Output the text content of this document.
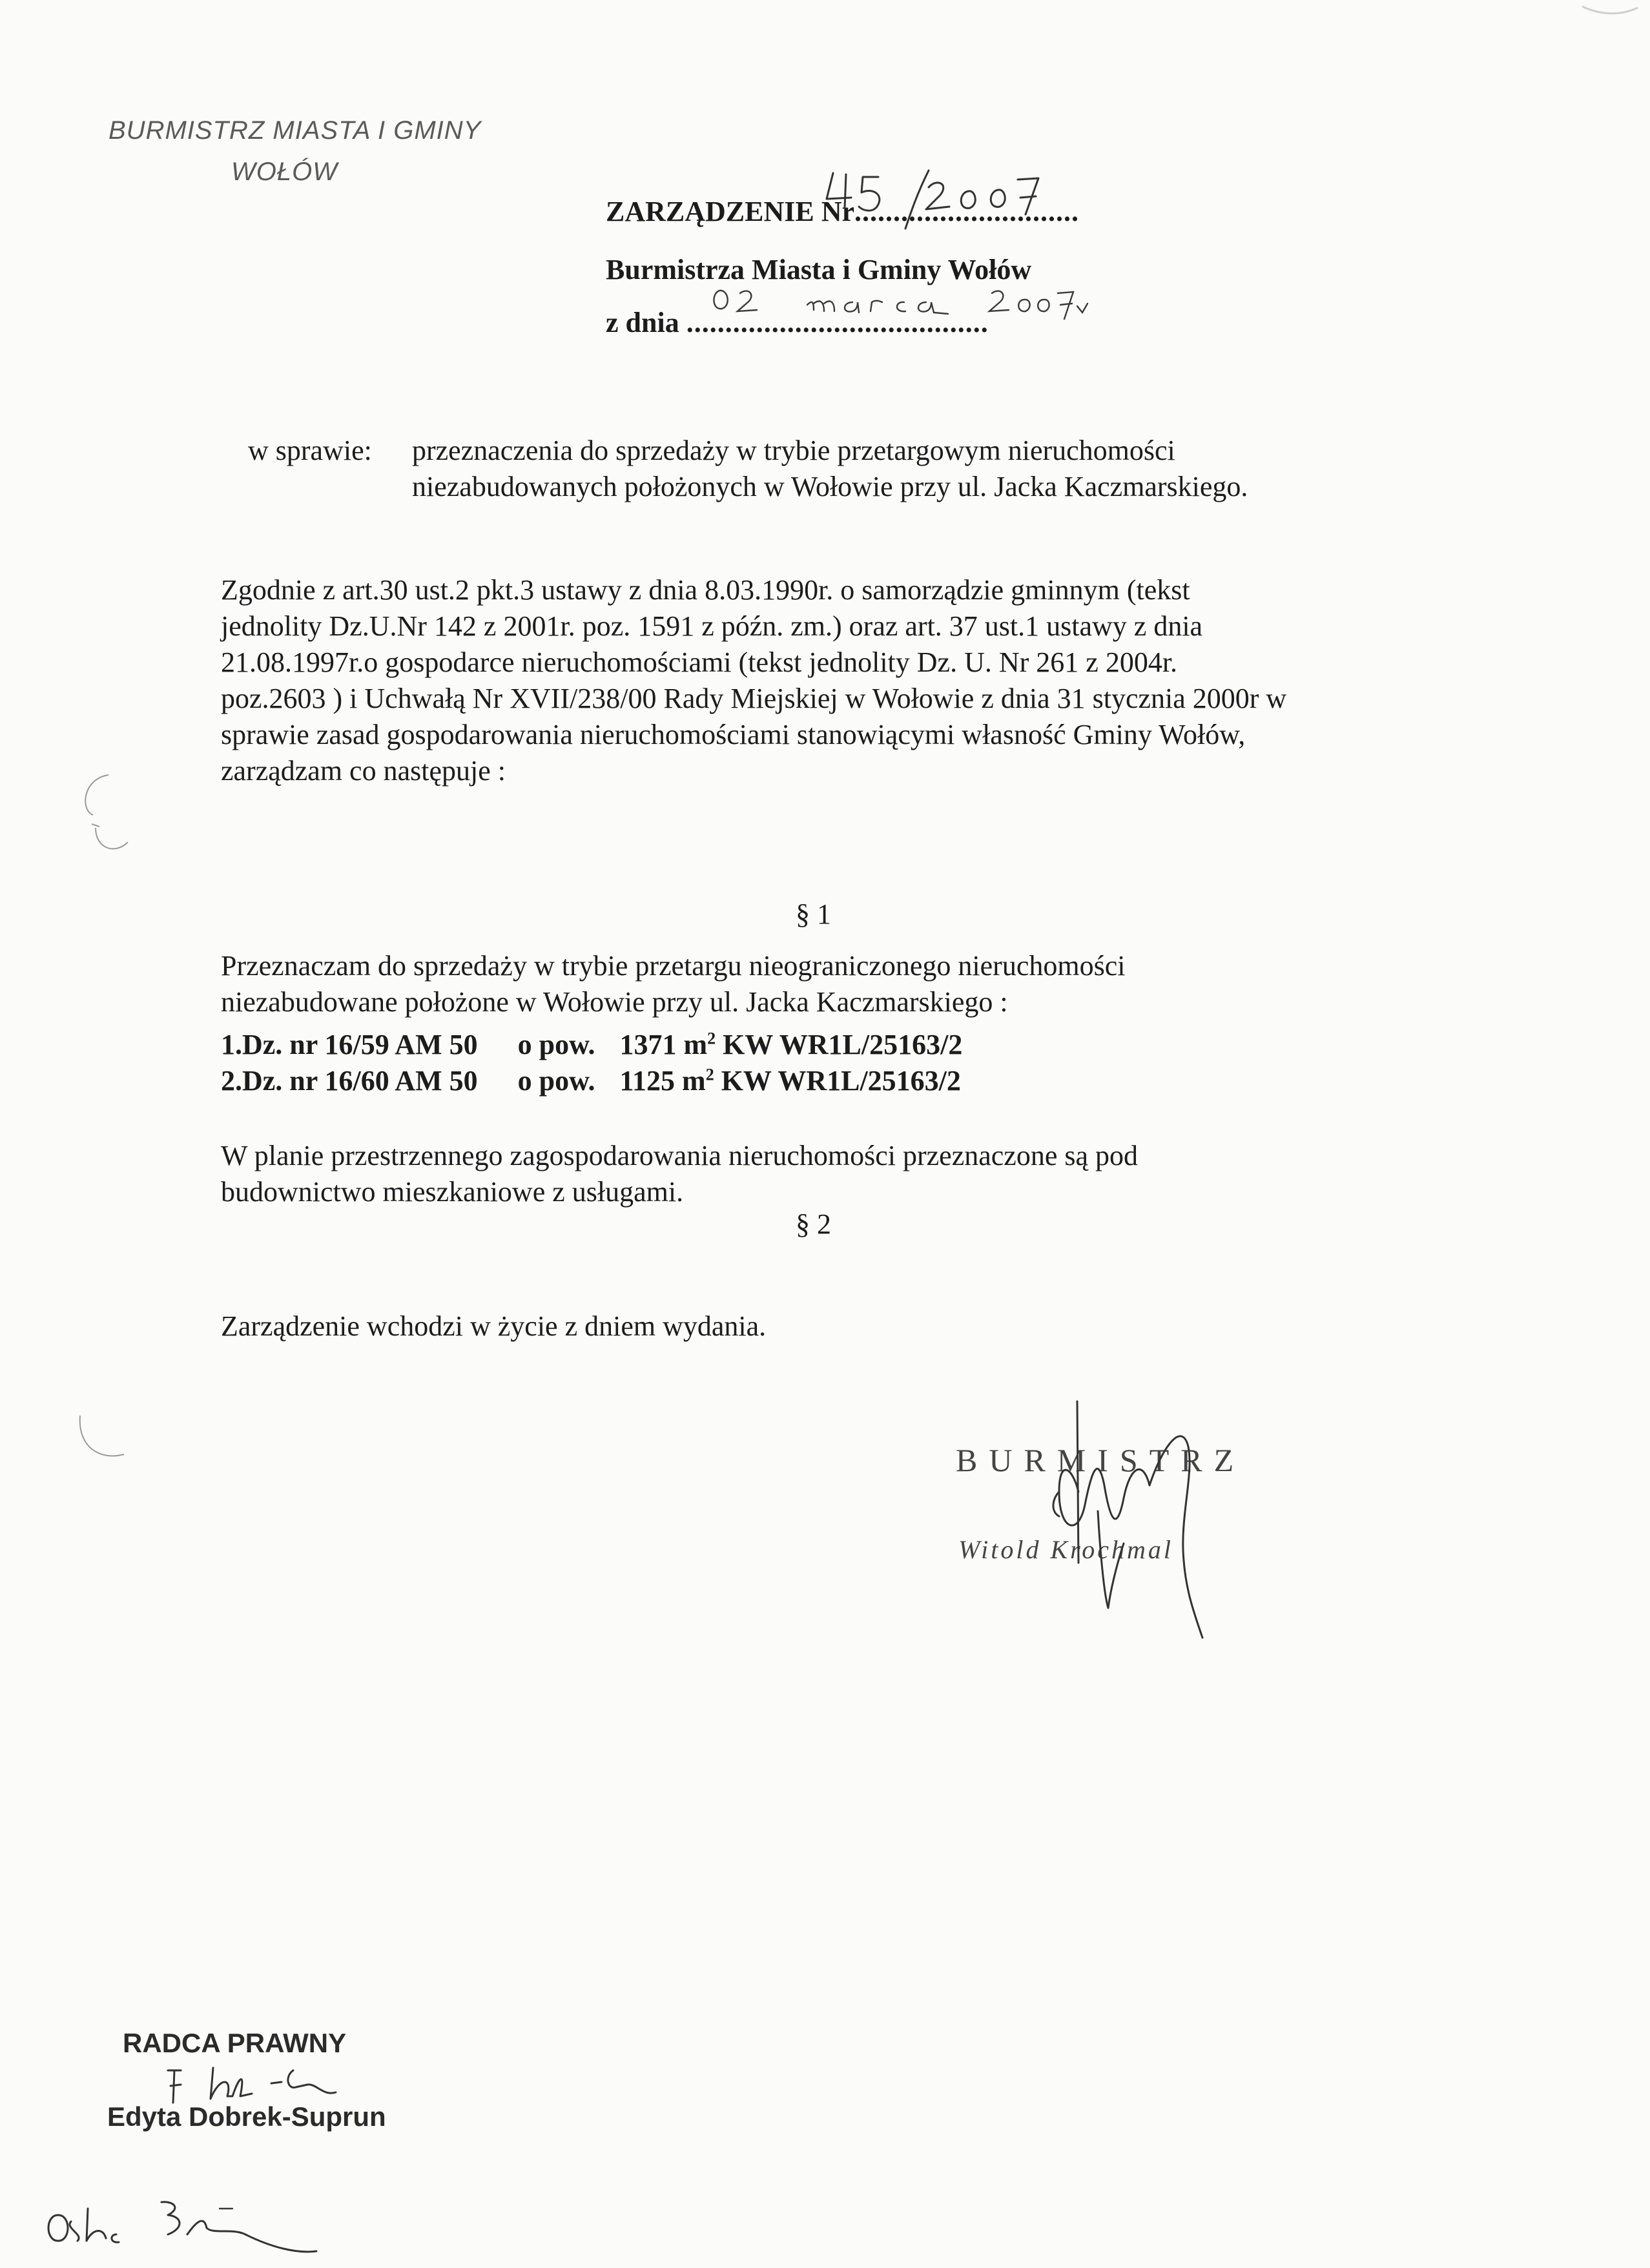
BURMISTRZ MIASTA I GMINY
WOŁÓW
ZARZĄDZENIE Nr.............................
Burmistrza Miasta i Gminy Wołów
z dnia .......................................
w sprawie: przeznaczenia do sprzedaży w trybie przetargowym nieruchomości
niezabudowanych położonych w Wołowie przy ul. Jacka Kaczmarskiego.
Zgodnie z art.30 ust.2 pkt.3 ustawy z dnia 8.03.1990r. o samorządzie gminnym (tekst
jednolity Dz.U.Nr 142 z 2001r. poz. 1591 z późn. zm.) oraz art. 37 ust.1 ustawy z dnia
21.08.1997r.o gospodarce nieruchomościami (tekst jednolity Dz. U. Nr 261 z 2004r.
poz.2603 ) i Uchwałą Nr XVII/238/00 Rady Miejskiej w Wołowie z dnia 31 stycznia 2000r w
sprawie zasad gospodarowania nieruchomościami stanowiącymi własność Gminy Wołów,
zarządzam co następuje :
§ 1
Przeznaczam do sprzedaży w trybie przetargu nieograniczonego nieruchomości
niezabudowane położone w Wołowie przy ul. Jacka Kaczmarskiego :
1.Dz. nr 16/59 AM 50 o pow. 1371 $m^2$ KW WR1L/25163/2
2.Dz. nr 16/60 AM 50 o pow. 1125 $m^2$ KW WR1L/25163/2
W planie przestrzennego zagospodarowania nieruchomości przeznaczone są pod
budownictwo mieszkaniowe z usługami.
§ 2
Zarządzenie wchodzi w życie z dniem wydania.
BURMISTRZ
Witold Krochmal
RADCA PRAWNY
Edyta Dobrek-Suprun
